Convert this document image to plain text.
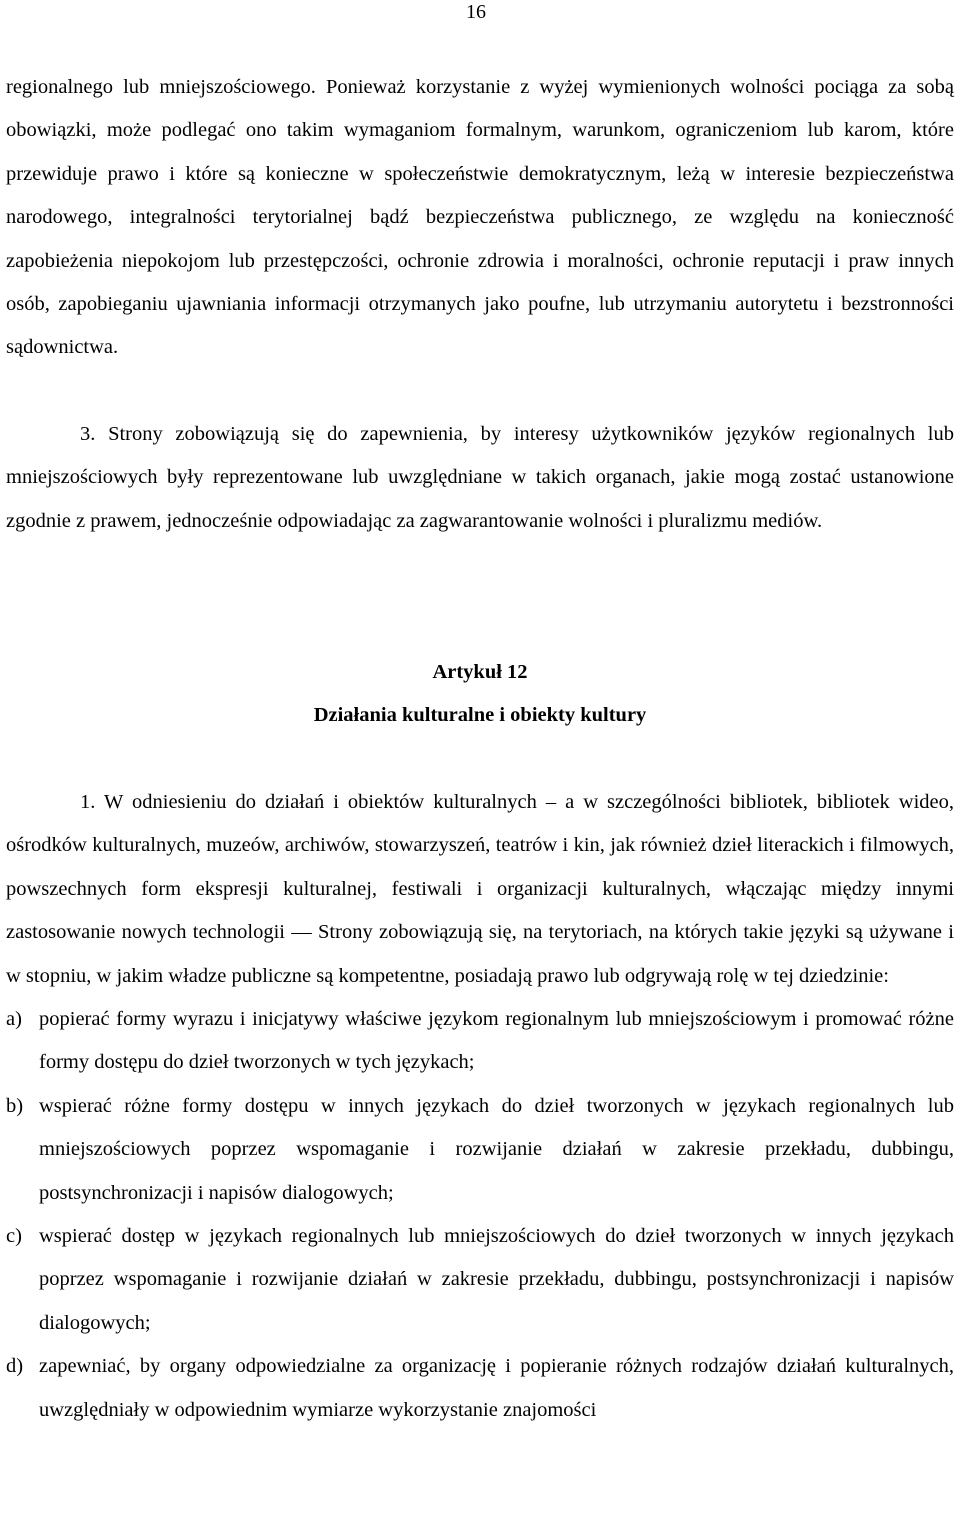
16

regionalnego lub mniejszościowego. Ponieważ korzystanie z wyżej wymienionych wolności pociąga za sobą obowiązki, może podlegać ono takim wymaganiom formalnym, warunkom, ograniczeniom lub karom, które przewiduje prawo i które są konieczne w społeczeństwie demokratycznym, leżą w interesie bezpieczeństwa narodowego, integralności terytorialnej bądź bezpieczeństwa publicznego, ze względu na konieczność zapobieżenia niepokojom lub przestępczości, ochronie zdrowia i moralności, ochronie reputacji i praw innych osób, zapobieganiu ujawniania informacji otrzymanych jako poufne, lub utrzymaniu autorytetu i bezstronności sądownictwa.

3. Strony zobowiązują się do zapewnienia, by interesy użytkowników języków regionalnych lub mniejszościowych były reprezentowane lub uwzględniane w takich organach, jakie mogą zostać ustanowione zgodnie z prawem, jednocześnie odpowiadając za zagwarantowanie wolności i pluralizmu mediów.

Artykuł 12

Działania kulturalne i obiekty kultury

1. W odniesieniu do działań i obiektów kulturalnych – a w szczególności bibliotek, bibliotek wideo, ośrodków kulturalnych, muzeów, archiwów, stowarzyszeń, teatrów i kin, jak również dzieł literackich i filmowych, powszechnych form ekspresji kulturalnej, festiwali i organizacji kulturalnych, włączając między innymi zastosowanie nowych technologii — Strony zobowiązują się, na terytoriach, na których takie języki są używane i w stopniu, w jakim władze publiczne są kompetentne, posiadają prawo lub odgrywają rolę w tej dziedzinie:

a) popierać formy wyrazu i inicjatywy właściwe językom regionalnym lub mniejszościowym i promować różne formy dostępu do dzieł tworzonych w tych językach;
b) wspierać różne formy dostępu w innych językach do dzieł tworzonych w językach regionalnych lub mniejszościowych poprzez wspomaganie i rozwijanie działań w zakresie przekładu, dubbingu, postsynchronizacji i napisów dialogowych;
c) wspierać dostęp w językach regionalnych lub mniejszościowych do dzieł tworzonych w innych językach poprzez wspomaganie i rozwijanie działań w zakresie przekładu, dubbingu, postsynchronizacji i napisów dialogowych;
d) zapewniać, by organy odpowiedzialne za organizację i popieranie różnych rodzajów działań kulturalnych, uwzględniały w odpowiednim wymiarze wykorzystanie znajomości
